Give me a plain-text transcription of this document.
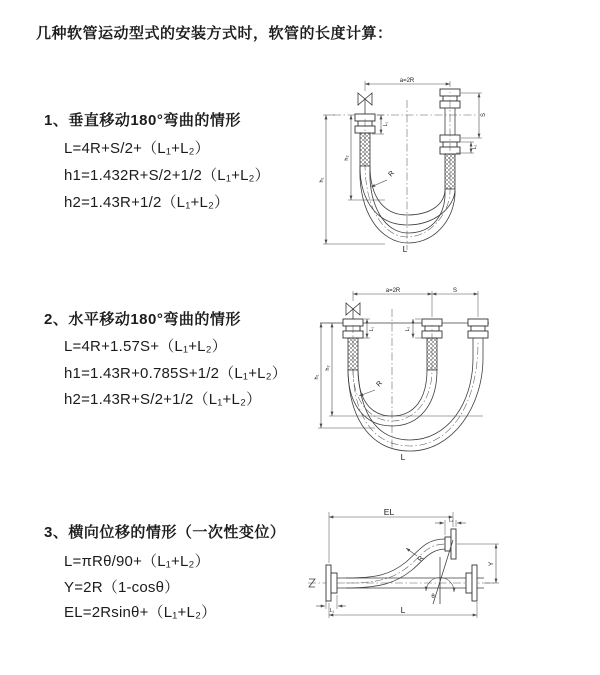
几种软管运动型式的安装方式时，软管的长度计算：
1、垂直移动180°弯曲的情形
L=4R+S/2+（L₁+L₂）
h1=1.432R+S/2+1/2（L₁+L₂）
h2=1.43R+1/2（L₁+L₂）
2、水平移动180°弯曲的情形
L=4R+1.57S+（L₁+L₂）
h1=1.43R+0.785S+1/2（L₁+L₂）
h2=1.43R+S/2+1/2（L₁+L₂）
3、横向位移的情形（一次性变位）
L=πRθ/90+（L₁+L₂）
Y=2R（1-cosθ）
EL=2Rsinθ+（L₁+L₂）
a=2R
S
L₂
L₁
h₂
h₁
R
L
a=2R	S
h₁
h₂
L₁	L₂
R
L
EL
L₂
Y
L
L₁
R
θ
